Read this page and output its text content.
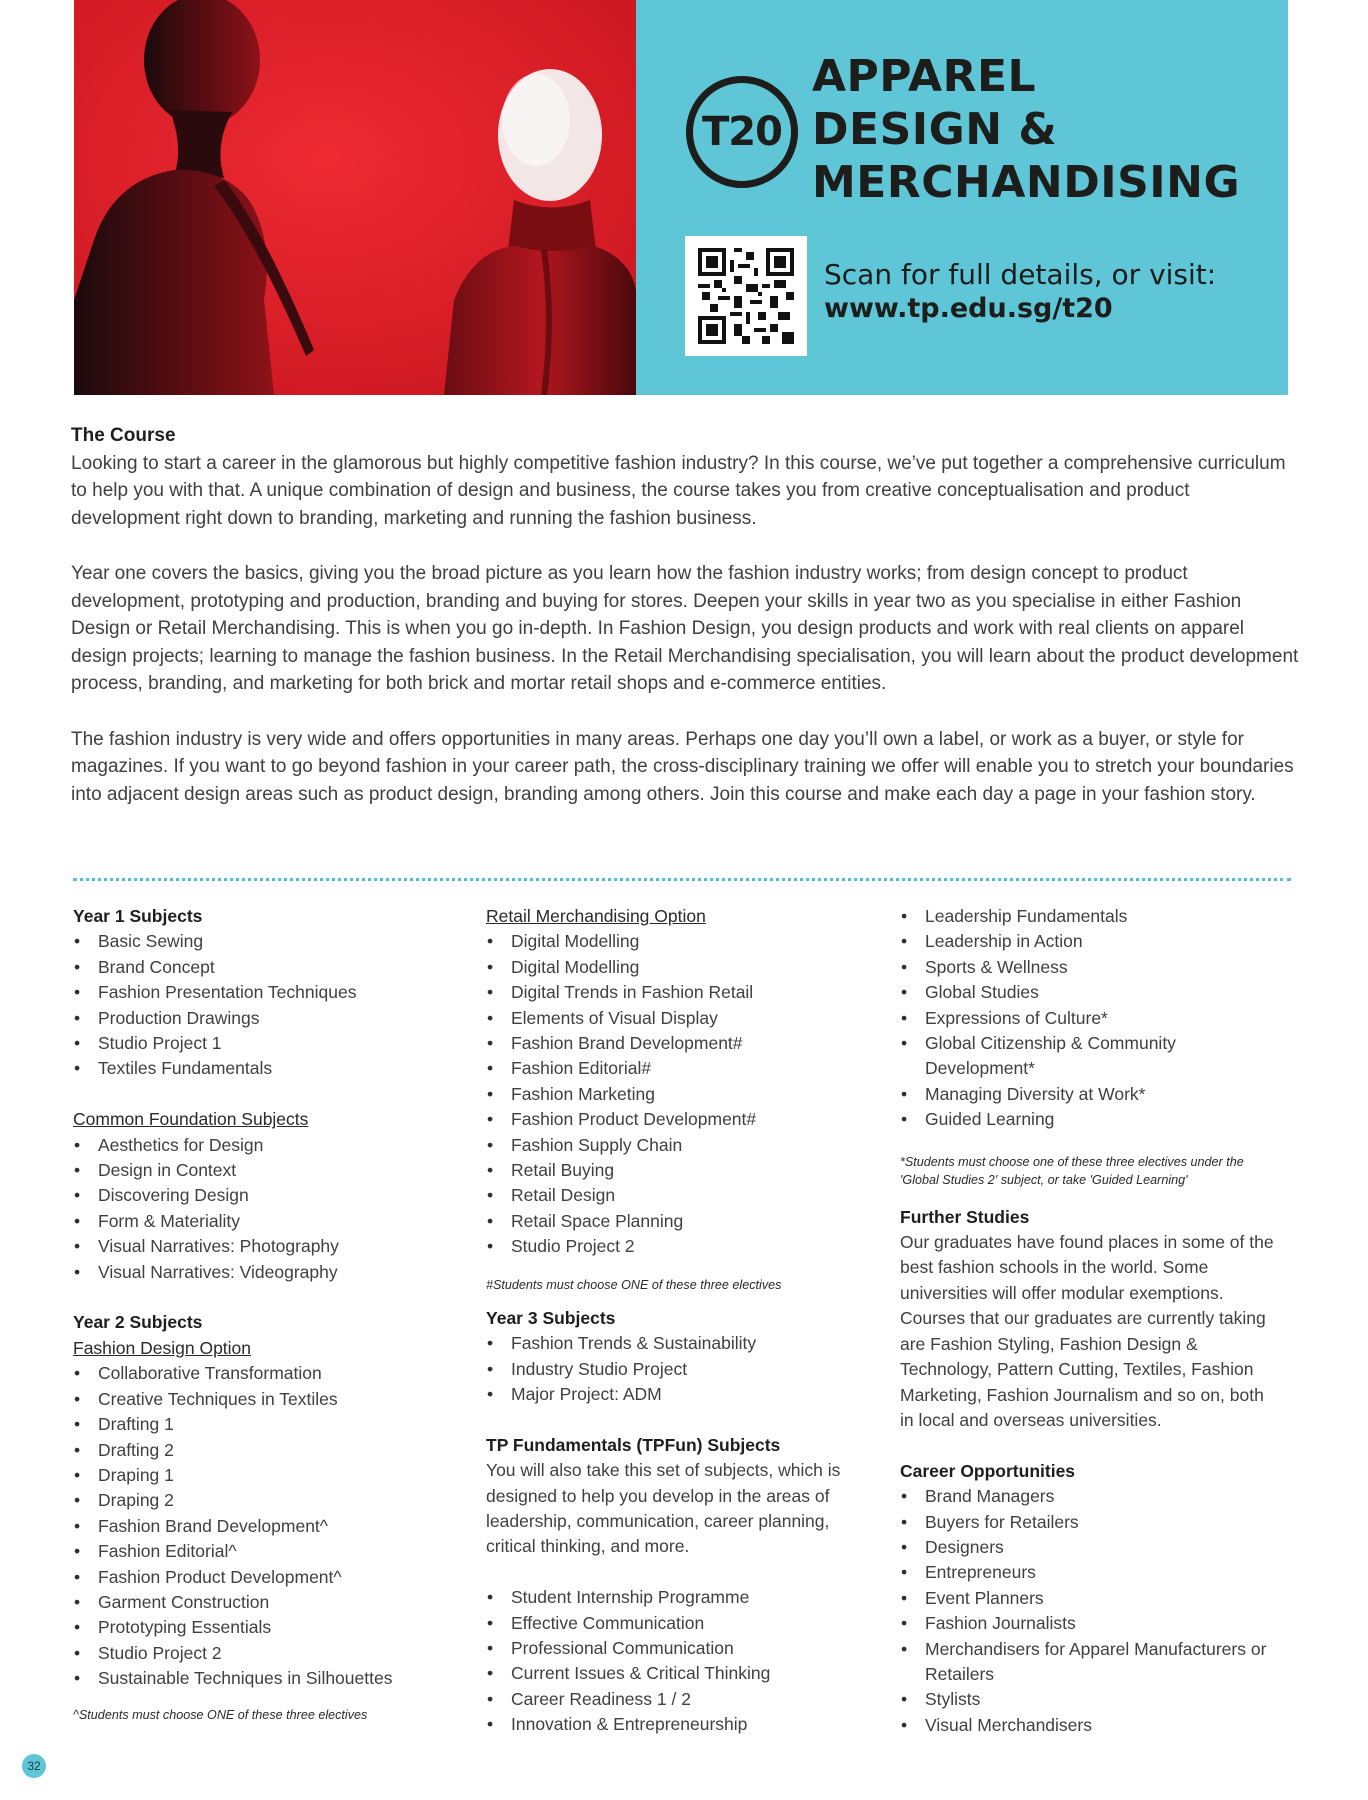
T20
APPAREL
DESIGN &
MERCHANDISING
Scan for full details, or visit:
www.tp.edu.sg/t20
The Course

Looking to start a career in the glamorous but highly competitive fashion industry? In this course, we’ve put together a comprehensive curriculum to help you with that. A unique combination of design and business, the course takes you from creative conceptualisation and product development right down to branding, marketing and running the fashion business.

Year one covers the basics, giving you the broad picture as you learn how the fashion industry works; from design concept to product development, prototyping and production, branding and buying for stores. Deepen your skills in year two as you specialise in either Fashion Design or Retail Merchandising. This is when you go in-depth. In Fashion Design, you design products and work with real clients on apparel design projects; learning to manage the fashion business. In the Retail Merchandising specialisation, you will learn about the product development process, branding, and marketing for both brick and mortar retail shops and e-commerce entities.

The fashion industry is very wide and offers opportunities in many areas. Perhaps one day you’ll own a label, or work as a buyer, or style for magazines. If you want to go beyond fashion in your career path, the cross-disciplinary training we offer will enable you to stretch your boundaries into adjacent design areas such as product design, branding among others. Join this course and make each day a page in your fashion story.

Year 1 Subjects
• Basic Sewing
• Brand Concept
• Fashion Presentation Techniques
• Production Drawings
• Studio Project 1
• Textiles Fundamentals
Common Foundation Subjects
• Aesthetics for Design
• Design in Context
• Discovering Design
• Form & Materiality
• Visual Narratives: Photography
• Visual Narratives: Videography
Year 2 Subjects
Fashion Design Option
• Collaborative Transformation
• Creative Techniques in Textiles
• Drafting 1
• Drafting 2
• Draping 1
• Draping 2
• Fashion Brand Development^
• Fashion Editorial^
• Fashion Product Development^
• Garment Construction
• Prototyping Essentials
• Studio Project 2
• Sustainable Techniques in Silhouettes
^Students must choose ONE of these three electives
Retail Merchandising Option
• Digital Modelling
• Digital Modelling
• Digital Trends in Fashion Retail
• Elements of Visual Display
• Fashion Brand Development#
• Fashion Editorial#
• Fashion Marketing
• Fashion Product Development#
• Fashion Supply Chain
• Retail Buying
• Retail Design
• Retail Space Planning
• Studio Project 2
#Students must choose ONE of these three electives
Year 3 Subjects
• Fashion Trends & Sustainability
• Industry Studio Project
• Major Project: ADM
TP Fundamentals (TPFun) Subjects
You will also take this set of subjects, which is designed to help you develop in the areas of leadership, communication, career planning, critical thinking, and more.
• Student Internship Programme
• Effective Communication
• Professional Communication
• Current Issues & Critical Thinking
• Career Readiness 1 / 2
• Innovation & Entrepreneurship
• Leadership Fundamentals
• Leadership in Action
• Sports & Wellness
• Global Studies
• Expressions of Culture*
• Global Citizenship & Community Development*
• Managing Diversity at Work*
• Guided Learning
*Students must choose one of these three electives under the 'Global Studies 2' subject, or take 'Guided Learning'
Further Studies
Our graduates have found places in some of the best fashion schools in the world. Some universities will offer modular exemptions. Courses that our graduates are currently taking are Fashion Styling, Fashion Design & Technology, Pattern Cutting, Textiles, Fashion Marketing, Fashion Journalism and so on, both in local and overseas universities.
Career Opportunities
• Brand Managers
• Buyers for Retailers
• Designers
• Entrepreneurs
• Event Planners
• Fashion Journalists
• Merchandisers for Apparel Manufacturers or Retailers
• Stylists
• Visual Merchandisers
32
